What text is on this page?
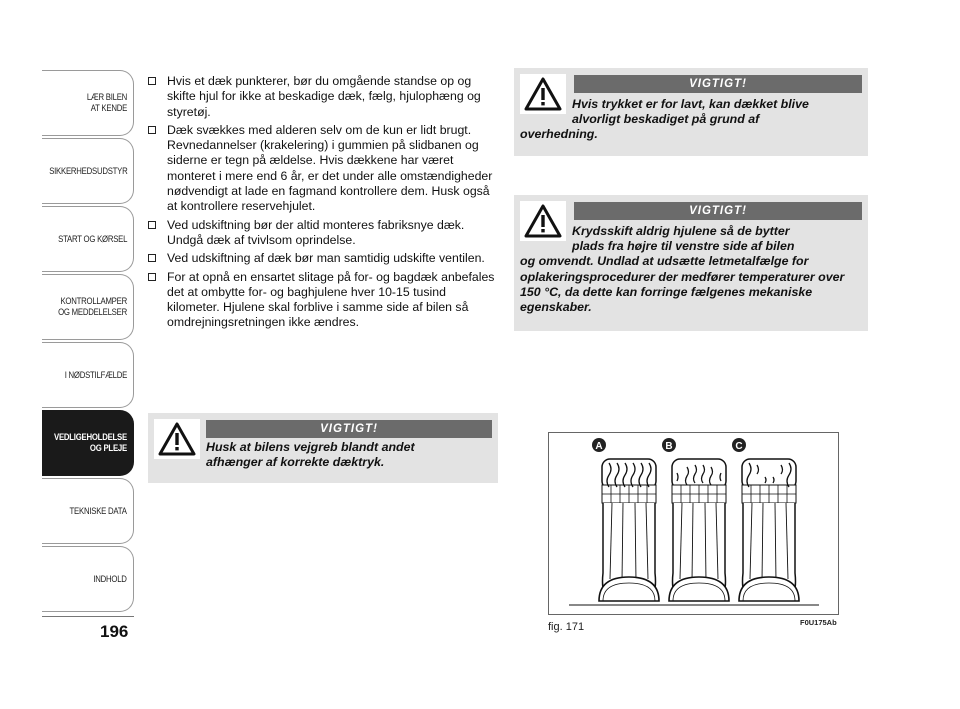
LÆR BILEN
AT KENDE
SIKKERHEDSUDSTYR
START OG KØRSEL
KONTROLLAMPER
OG MEDDELELSER
I NØDSTILFÆLDE
VEDLIGEHOLDELSE
OG PLEJE
TEKNISKE DATA
INDHOLD
196
Hvis et dæk punkterer, bør du omgående standse op og skifte hjul for ikke at beskadige dæk, fælg, hjulophæng og styretøj.
Dæk svækkes med alderen selv om de kun er lidt brugt. Revnedannelser (krakelering) i gummien på slidbanen og siderne er tegn på ældelse. Hvis dækkene har været monteret i mere end 6 år, er det under alle omstændigheder nødvendigt at lade en fagmand kontrollere dem. Husk også at kontrollere reservehjulet.
Ved udskiftning bør der altid monteres fabriksnye dæk. Undgå dæk af tvivlsom oprindelse.
Ved udskiftning af dæk bør man samtidig udskifte ventilen.
For at opnå en ensartet slitage på for- og bagdæk anbefales det at ombytte for- og baghjulene hver 10-15 tusind kilometer. Hjulene skal forblive i samme side af bilen så omdrejningsretningen ikke ændres.
VIGTIGT!
Husk at bilens vejgreb blandt andet
afhænger af korrekte dæktryk.
VIGTIGT!
Hvis trykket er for lavt, kan dækket blive
alvorligt beskadiget på grund af
overhedning.
VIGTIGT!
Krydsskift aldrig hjulene så de bytter
plads fra højre til venstre side af bilen
og omvendt. Undlad at udsætte letmetalfælge for oplakeringsprocedurer der medfører temperaturer over 150 °C, da dette kan forringe fælgenes mekaniske egenskaber.
A	B	C
fig. 171	F0U175Ab
